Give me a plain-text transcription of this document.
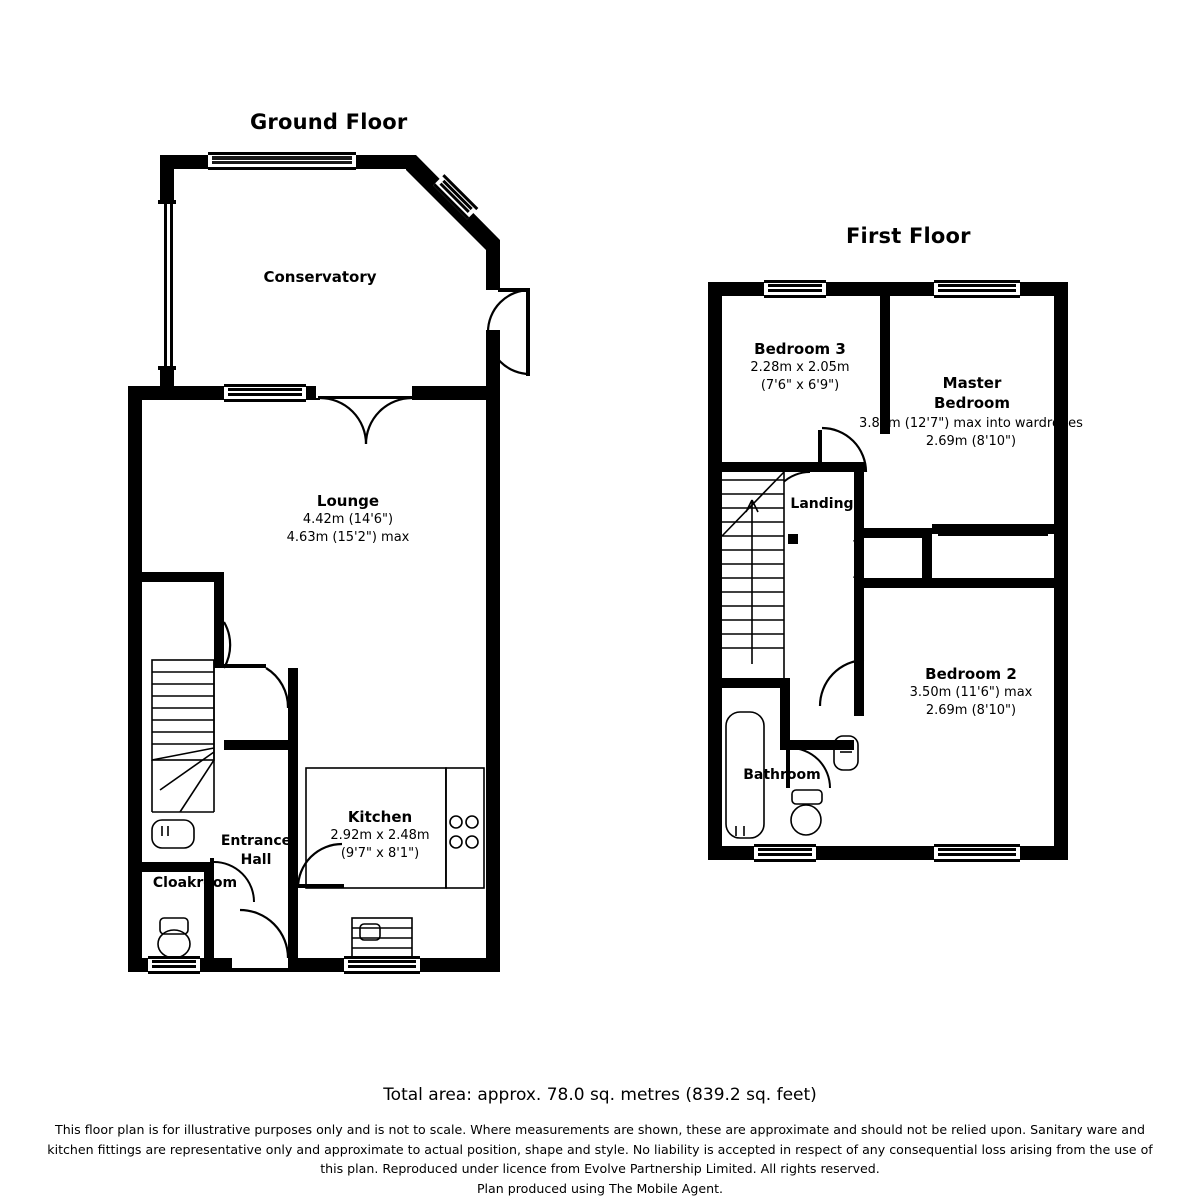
Ground Floor
First Floor
Conservatory
Lounge
4.42m (14'6")
4.63m (15'2") max
Kitchen
2.92m x 2.48m
(9'7" x 8'1")
Entrance
Hall
Cloakroom
Bedroom 3
2.28m x 2.05m
(7'6" x 6'9")	Master
Bedroom
3.83m (12'7") max into wardrobes
2.69m (8'10")
Landing
Bedroom 2
3.50m (11'6") max
2.69m (8'10")
Bathroom
Total area: approx. 78.0 sq. metres (839.2 sq. feet)
This floor plan is for illustrative purposes only and is not to scale. Where measurements are shown, these are approximate and should not be relied upon. Sanitary ware and
kitchen fittings are representative only and approximate to actual position, shape and style. No liability is accepted in respect of any consequential loss arising from the use of
this plan. Reproduced under licence from Evolve Partnership Limited. All rights reserved.
Plan produced using The Mobile Agent.
